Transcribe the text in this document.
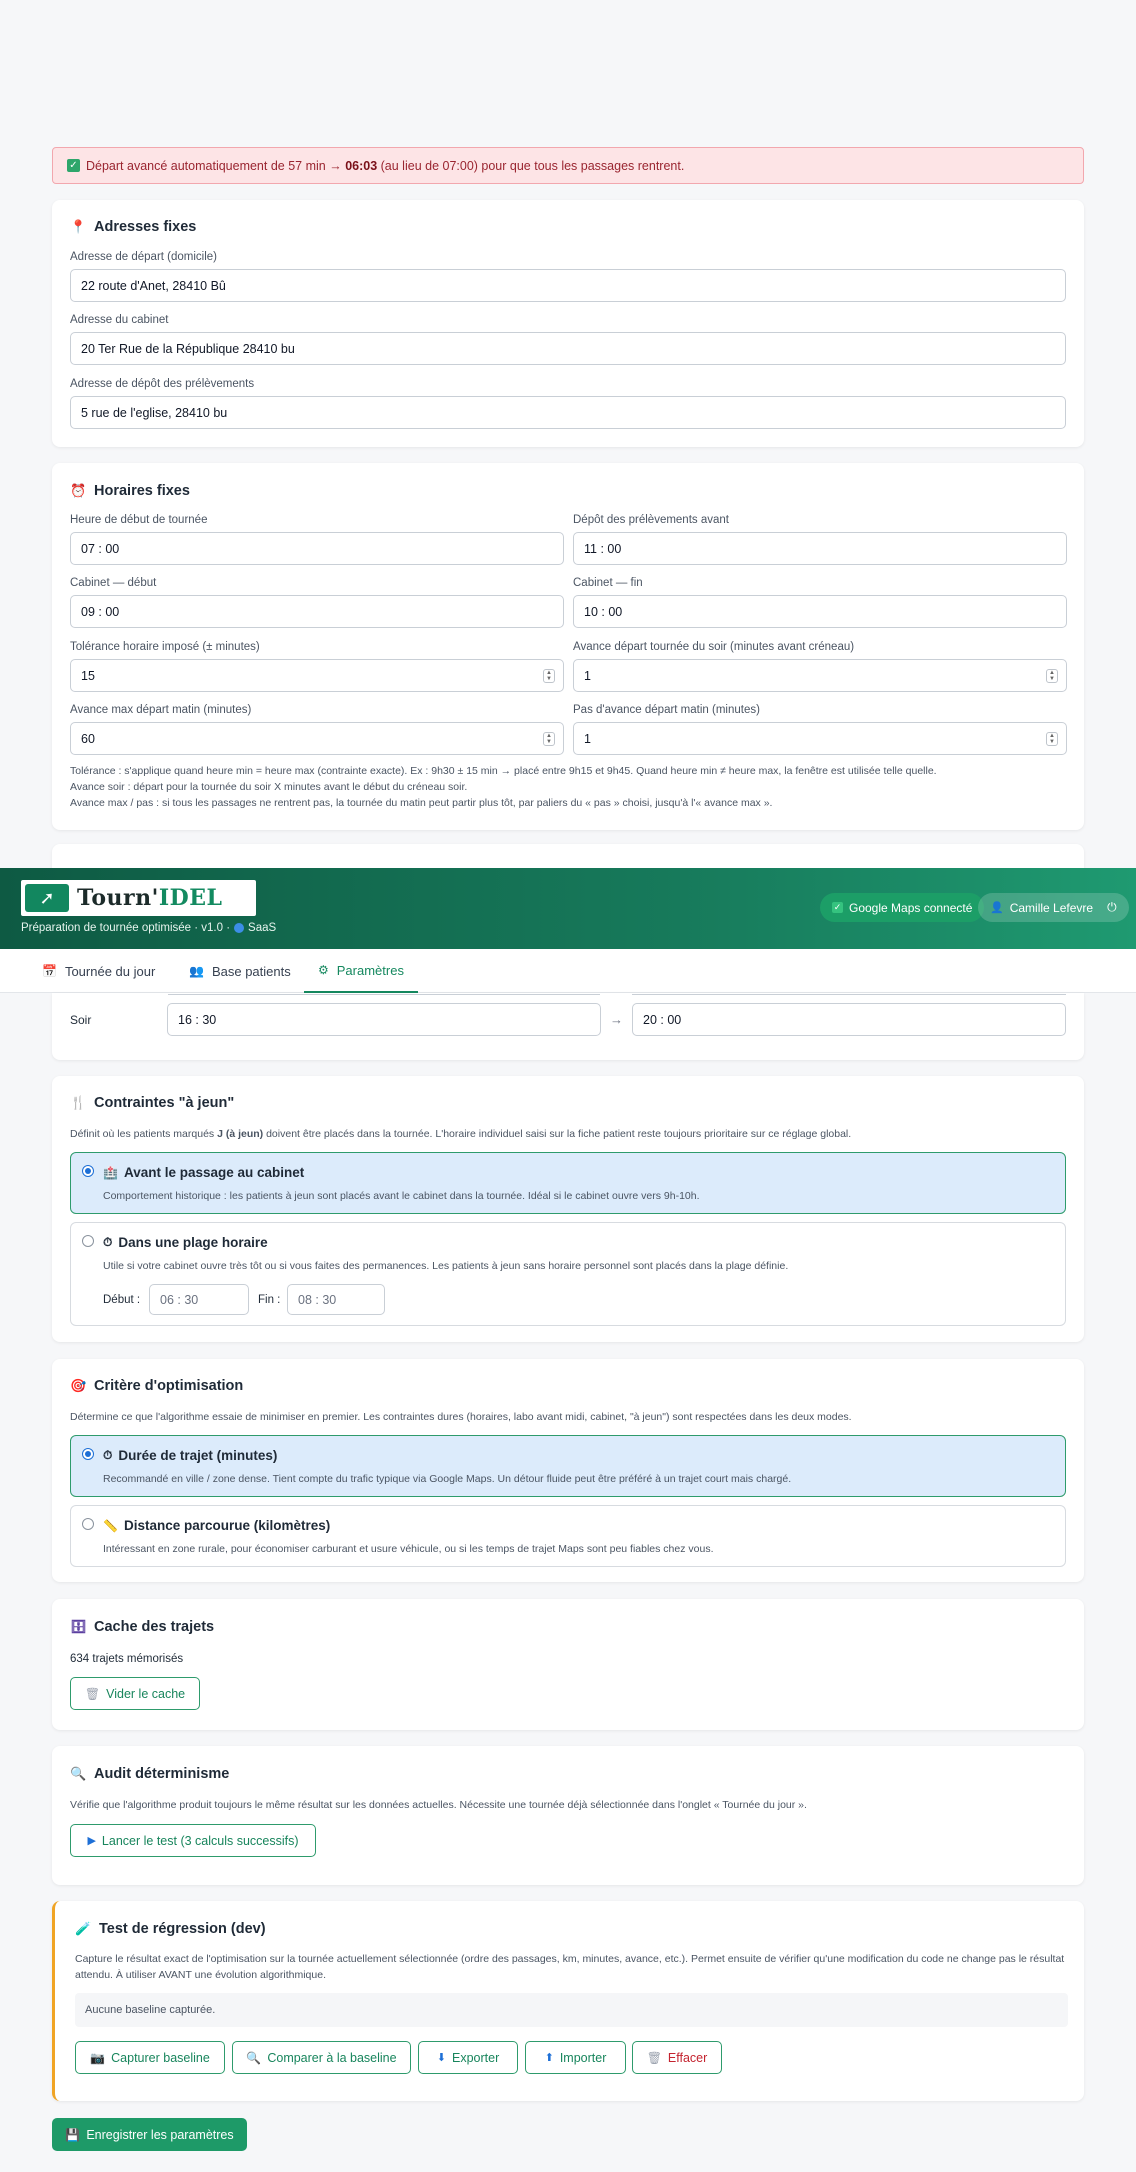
✓ Départ avancé automatiquement de 57 min → 06:03 (au lieu de 07:00) pour que tous les passages rentrent.
📍 Adresses fixes
Adresse de départ (domicile)
22 route d'Anet, 28410 Bû
Adresse du cabinet
20 Ter Rue de la République 28410 bu
Adresse de dépôt des prélèvements
5 rue de l'eglise, 28410 bu
⏰ Horaires fixes
Heure de début de tournée
07 : 00
Dépôt des prélèvements avant
11 : 00
Cabinet — début
09 : 00
Cabinet — fin
10 : 00
Tolérance horaire imposé (± minutes)
15	▲
▼
Avance départ tournée du soir (minutes avant créneau)
1	▲
▼
Avance max départ matin (minutes)
60	▲
▼
Pas d'avance départ matin (minutes)
1	▲
▼
Tolérance : s'applique quand heure min = heure max (contrainte exacte). Ex : 9h30 ± 15 min → placé entre 9h15 et 9h45. Quand heure min ≠ heure max, la fenêtre est utilisée telle quelle.
Avance soir : départ pour la tournée du soir X minutes avant le début du créneau soir.
Avance max / pas : si tous les passages ne rentrent pas, la tournée du matin peut partir plus tôt, par paliers du « pas » choisi, jusqu'à l'« avance max ».
➚	Tourn'IDEL
Préparation de tournée optimisée · v1.0 · SaaS
✓ Google Maps connecté 👤 Camille Lefevre ⏻
📅 Tournée du jour	👥 Base patients ⚙ Paramètres
Soir	16 : 30	→	20 : 00
🍴 Contraintes "à jeun"
Définit où les patients marqués J (à jeun) doivent être placés dans la tournée. L'horaire individuel saisi sur la fiche patient reste toujours prioritaire sur ce réglage global.
🏥 Avant le passage au cabinet
Comportement historique : les patients à jeun sont placés avant le cabinet dans la tournée. Idéal si le cabinet ouvre vers 9h-10h.
⏱ Dans une plage horaire
Utile si votre cabinet ouvre très tôt ou si vous faites des permanences. Les patients à jeun sans horaire personnel sont placés dans la plage définie.
Début :	06 : 30	Fin :	08 : 30
🎯 Critère d'optimisation
Détermine ce que l'algorithme essaie de minimiser en premier. Les contraintes dures (horaires, labo avant midi, cabinet, "à jeun") sont respectées dans les deux modes.
⏱ Durée de trajet (minutes)
Recommandé en ville / zone dense. Tient compte du trafic typique via Google Maps. Un détour fluide peut être préféré à un trajet court mais chargé.
📏 Distance parcourue (kilomètres)
Intéressant en zone rurale, pour économiser carburant et usure véhicule, ou si les temps de trajet Maps sont peu fiables chez vous.
🗄 Cache des trajets
634 trajets mémorisés
🗑 Vider le cache
🔍 Audit déterminisme
Vérifie que l'algorithme produit toujours le même résultat sur les données actuelles. Nécessite une tournée déjà sélectionnée dans l'onglet « Tournée du jour ».
▶ Lancer le test (3 calculs successifs)
🧪 Test de régression (dev)
Capture le résultat exact de l'optimisation sur la tournée actuellement sélectionnée (ordre des passages, km, minutes, avance, etc.). Permet ensuite de vérifier qu'une modification du code ne change pas le résultat attendu. À utiliser AVANT une évolution algorithmique.
Aucune baseline capturée.
📷 Capturer baseline	🔍 Comparer à la baseline	⬇ Exporter	⬆ Importer	🗑 Effacer
💾 Enregistrer les paramètres
